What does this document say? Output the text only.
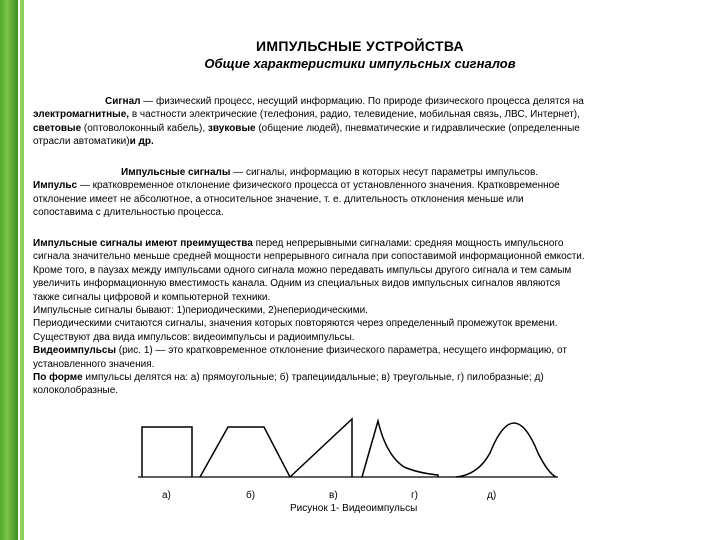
ИМПУЛЬСНЫЕ УСТРОЙСТВА
Общие характеристики импульсных сигналов
Сигнал — физический процесс, несущий информацию. По природе физического процесса делятся на
электромагнитные, в частности электрические (телефония, радио, телевидение, мобильная связь, ЛВС, Интернет),
световые (оптоволоконный кабель), звуковые (общение людей), пневматические и гидравлические (определенные
отрасли автоматики)и др.
Импульсные сигналы — сигналы, информацию в которых несут параметры импульсов.
Импульс — кратковременное отклонение физического процесса от установленного значения. Кратковременное
отклонение имеет не абсолютное, а относительное значение, т. е. длительность отклонения меньше или
сопоставима с длительностью процесса.
Импульсные сигналы имеют преимущества перед непрерывными сигналами: средняя мощность импульсного
сигнала значительно меньше средней мощности непрерывного сигнала при сопоставимой информационной емкости.
Кроме того, в паузах между импульсами одного сигнала можно передавать импульсы другого сигнала и тем самым
увеличить информационную вместимость канала. Одним из специальных видов импульсных сигналов являются
также сигналы цифровой и компьютерной техники.
Импульсные сигналы бывают: 1)периодическими, 2)непериодическими.
Периодическими считаются сигналы, значения которых повторяются через определенный промежуток времени.
Существуют два вида импульсов: видеоимпульсы и радиоимпульсы.
Видеоимпульсы (рис. 1) — это кратковременное отклонение физического параметра, несущего информацию, от
установленного значения.
По форме импульсы делятся на: а) прямоугольные; б) трапециидальные; в) треугольные, г) пилобразные; д)
колоколобразные.
а)	б)	в)	г)	д)
Рисунок 1- Видеоимпульсы
